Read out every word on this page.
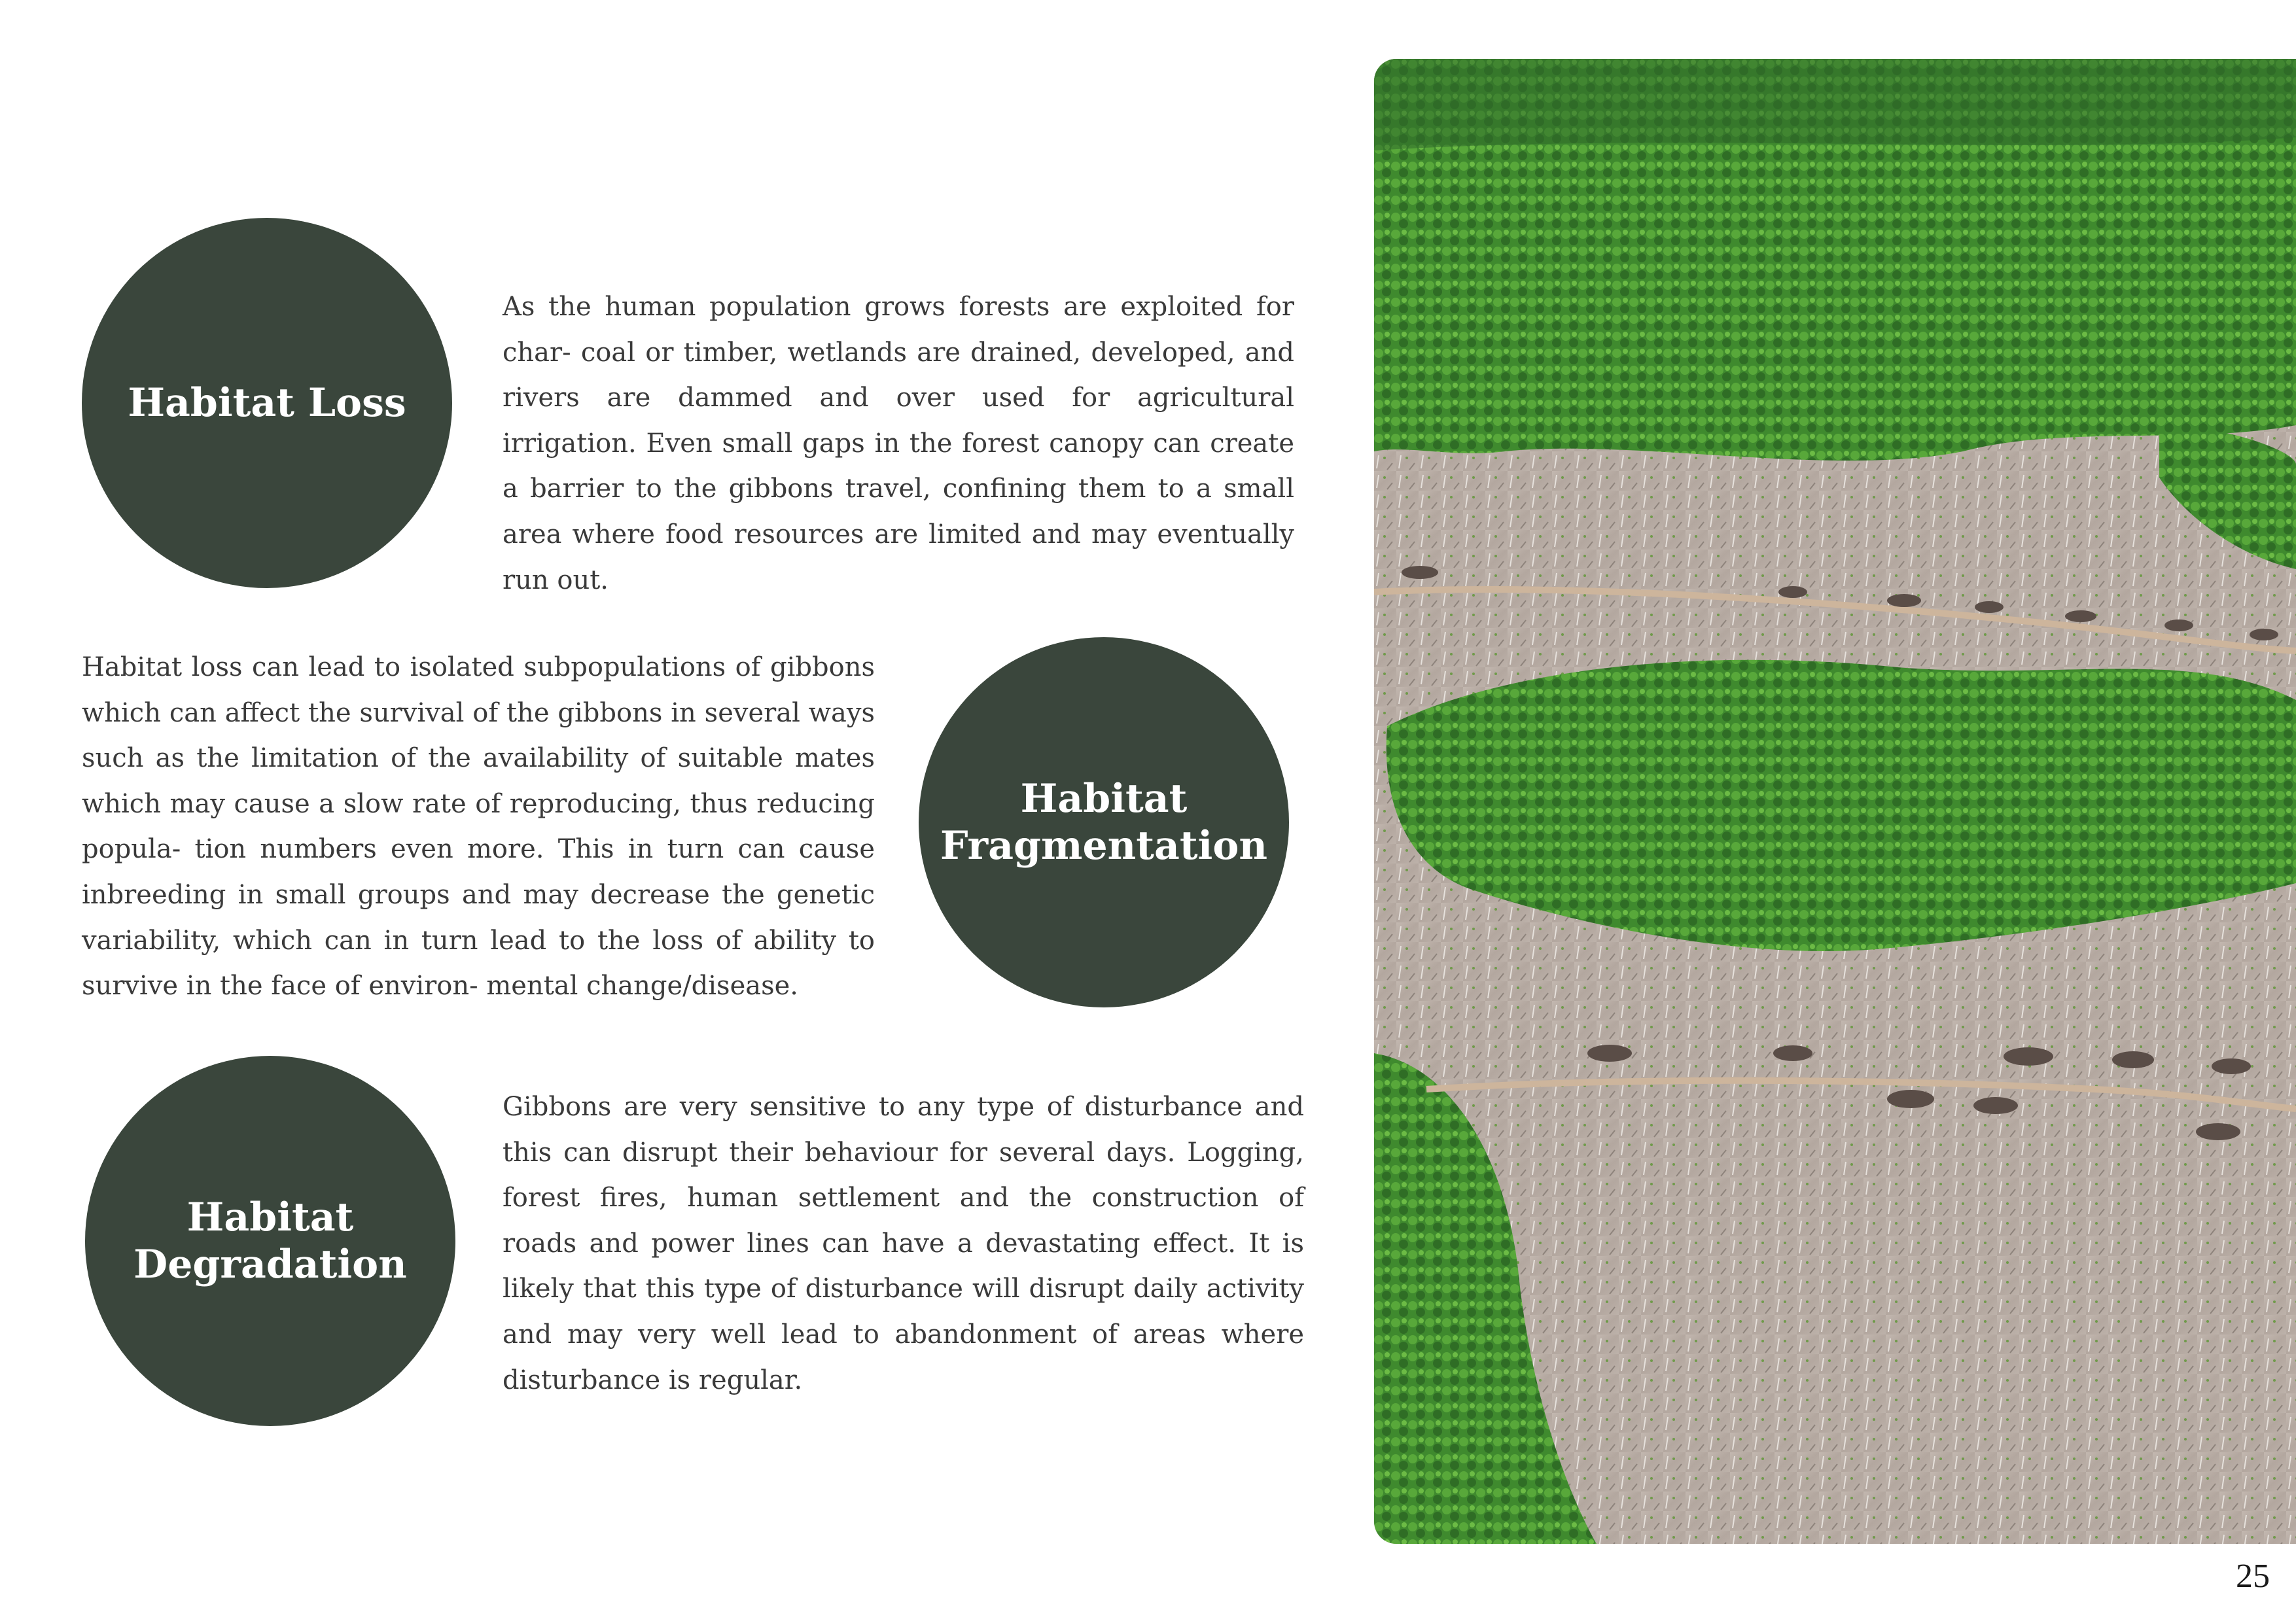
Habitat Loss

As the human population grows forests are exploited for char- coal or timber, wetlands are drained, developed, and rivers are dammed and over used for agricultural irrigation. Even small gaps in the forest canopy can create a barrier to the gibbons travel, confining them to a small area where food resources are limited and may eventually run out.

Habitat loss can lead to isolated subpopulations of gibbons which can affect the survival of the gibbons in several ways such as the limitation of the availability of suitable mates which may cause a slow rate of reproducing, thus reducing popula- tion numbers even more. This in turn can cause inbreeding in small groups and may decrease the genetic variability, which can in turn lead to the loss of ability to survive in the face of environ- mental change/disease.

Habitat
Fragmentation
Habitat
Degradation

Gibbons are very sensitive to any type of disturbance and this can disrupt their behaviour for several days. Logging, forest fires, human settlement and the construction of roads and power lines can have a devastating effect. It is likely that this type of disturbance will disrupt daily activity and may very well lead to abandonment of areas where disturbance is regular.

25
